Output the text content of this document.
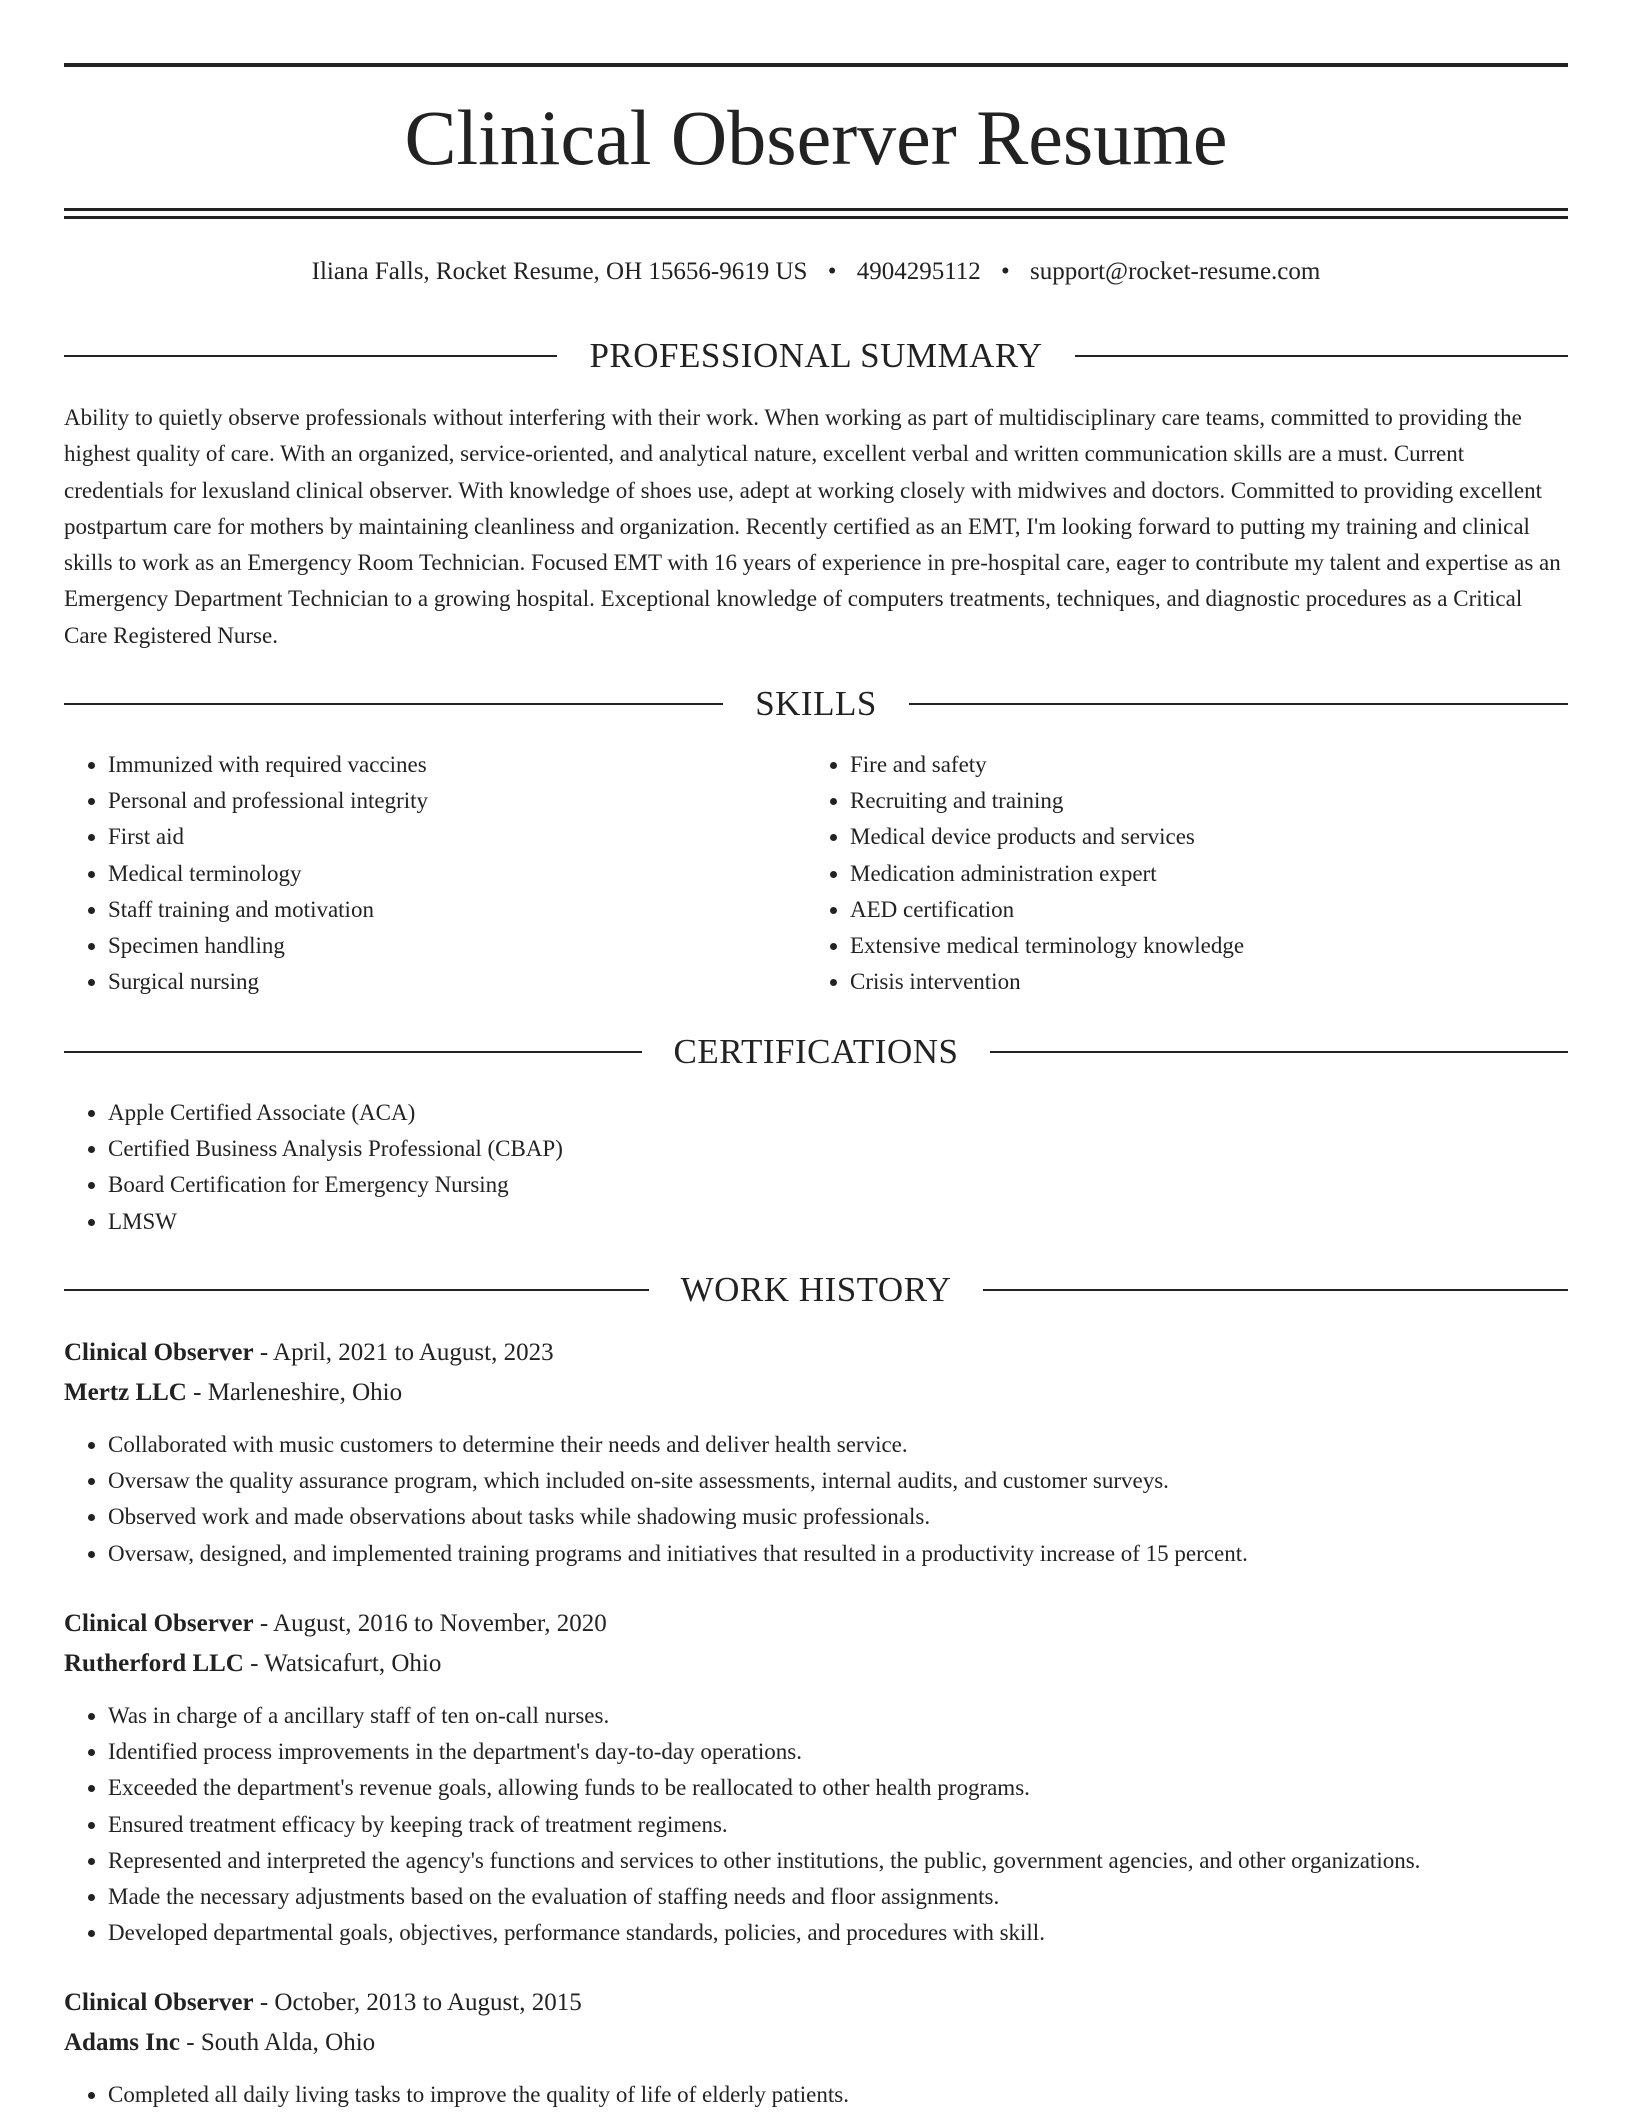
Clinical Observer Resume
Iliana Falls, Rocket Resume, OH 15656-9619 US • 4904295112 • support@rocket-resume.com
PROFESSIONAL SUMMARY

Ability to quietly observe professionals without interfering with their work. When working as part of multidisciplinary care teams, committed to providing the highest quality of care. With an organized, service-oriented, and analytical nature, excellent verbal and written communication skills are a must. Current credentials for lexusland clinical observer. With knowledge of shoes use, adept at working closely with midwives and doctors. Committed to providing excellent postpartum care for mothers by maintaining cleanliness and organization. Recently certified as an EMT, I'm looking forward to putting my training and clinical skills to work as an Emergency Room Technician. Focused EMT with 16 years of experience in pre-hospital care, eager to contribute my talent and expertise as an Emergency Department Technician to a growing hospital. Exceptional knowledge of computers treatments, techniques, and diagnostic procedures as a Critical Care Registered Nurse.

SKILLS
• Immunized with required vaccines
• Personal and professional integrity
• First aid
• Medical terminology
• Staff training and motivation
• Specimen handling
• Surgical nursing
• Fire and safety
• Recruiting and training
• Medical device products and services
• Medication administration expert
• AED certification
• Extensive medical terminology knowledge
• Crisis intervention
CERTIFICATIONS
• Apple Certified Associate (ACA)
• Certified Business Analysis Professional (CBAP)
• Board Certification for Emergency Nursing
• LMSW
WORK HISTORY
Clinical Observer - April, 2021 to August, 2023
Mertz LLC - Marleneshire, Ohio
• Collaborated with music customers to determine their needs and deliver health service.
• Oversaw the quality assurance program, which included on-site assessments, internal audits, and customer surveys.
• Observed work and made observations about tasks while shadowing music professionals.
• Oversaw, designed, and implemented training programs and initiatives that resulted in a productivity increase of 15 percent.
Clinical Observer - August, 2016 to November, 2020
Rutherford LLC - Watsicafurt, Ohio
• Was in charge of a ancillary staff of ten on-call nurses.
• Identified process improvements in the department's day-to-day operations.
• Exceeded the department's revenue goals, allowing funds to be reallocated to other health programs.
• Ensured treatment efficacy by keeping track of treatment regimens.
• Represented and interpreted the agency's functions and services to other institutions, the public, government agencies, and other organizations.
• Made the necessary adjustments based on the evaluation of staffing needs and floor assignments.
• Developed departmental goals, objectives, performance standards, policies, and procedures with skill.
Clinical Observer - October, 2013 to August, 2015
Adams Inc - South Alda, Ohio
• Completed all daily living tasks to improve the quality of life of elderly patients.
